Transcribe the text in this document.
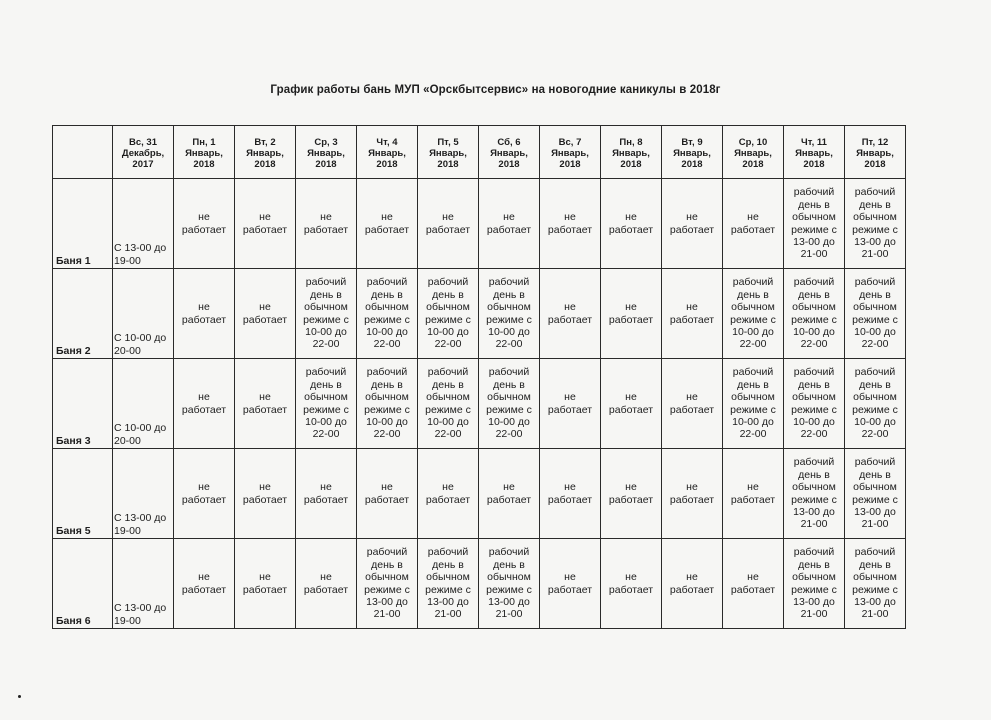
График работы бань МУП «Орскбытсервис» на новогодние каникулы в 2018г
	Вс, 31 Декабрь, 2017	Пн, 1 Январь, 2018	Вт, 2 Январь, 2018	Ср, 3 Январь, 2018	Чт, 4 Январь, 2018	Пт, 5 Январь, 2018	Сб, 6 Январь, 2018	Вс, 7 Январь, 2018	Пн, 8 Январь, 2018	Вт, 9 Январь, 2018	Ср, 10 Январь, 2018	Чт, 11 Январь, 2018	Пт, 12 Январь, 2018
Баня 1	С 13-00 до 19-00	не работает	не работает	не работает	не работает	не работает	не работает	не работает	не работает	не работает	не работает	рабочий день в обычном режиме с 13-00 до 21-00	рабочий день в обычном режиме с 13-00 до 21-00

Баня 2	С 10-00 до 20-00	не работает	не работает	рабочий день в обычном режиме с 10-00 до 22-00	рабочий день в обычном режиме с 10-00 до 22-00	рабочий день в обычном режиме с 10-00 до 22-00	рабочий день в обычном режиме с 10-00 до 22-00	не работает	не работает	не работает	рабочий день в обычном режиме с 10-00 до 22-00	рабочий день в обычном режиме с 10-00 до 22-00	рабочий день в обычном режиме с 10-00 до 22-00

Баня 3	С 10-00 до 20-00	не работает	не работает	рабочий день в обычном режиме с 10-00 до 22-00	рабочий день в обычном режиме с 10-00 до 22-00	рабочий день в обычном режиме с 10-00 до 22-00	рабочий день в обычном режиме с 10-00 до 22-00	не работает	не работает	не работает	рабочий день в обычном режиме с 10-00 до 22-00	рабочий день в обычном режиме с 10-00 до 22-00	рабочий день в обычном режиме с 10-00 до 22-00

Баня 5	С 13-00 до 19-00	не работает	не работает	не работает	не работает	не работает	не работает	не работает	не работает	не работает	не работает	рабочий день в обычном режиме с 13-00 до 21-00	рабочий день в обычном режиме с 13-00 до 21-00

Баня 6	С 13-00 до 19-00	не работает	не работает	не работает	рабочий день в обычном режиме с 13-00 до 21-00	рабочий день в обычном режиме с 13-00 до 21-00	рабочий день в обычном режиме с 13-00 до 21-00	не работает	не работает	не работает	не работает	рабочий день в обычном режиме с 13-00 до 21-00	рабочий день в обычном режиме с 13-00 до 21-00
